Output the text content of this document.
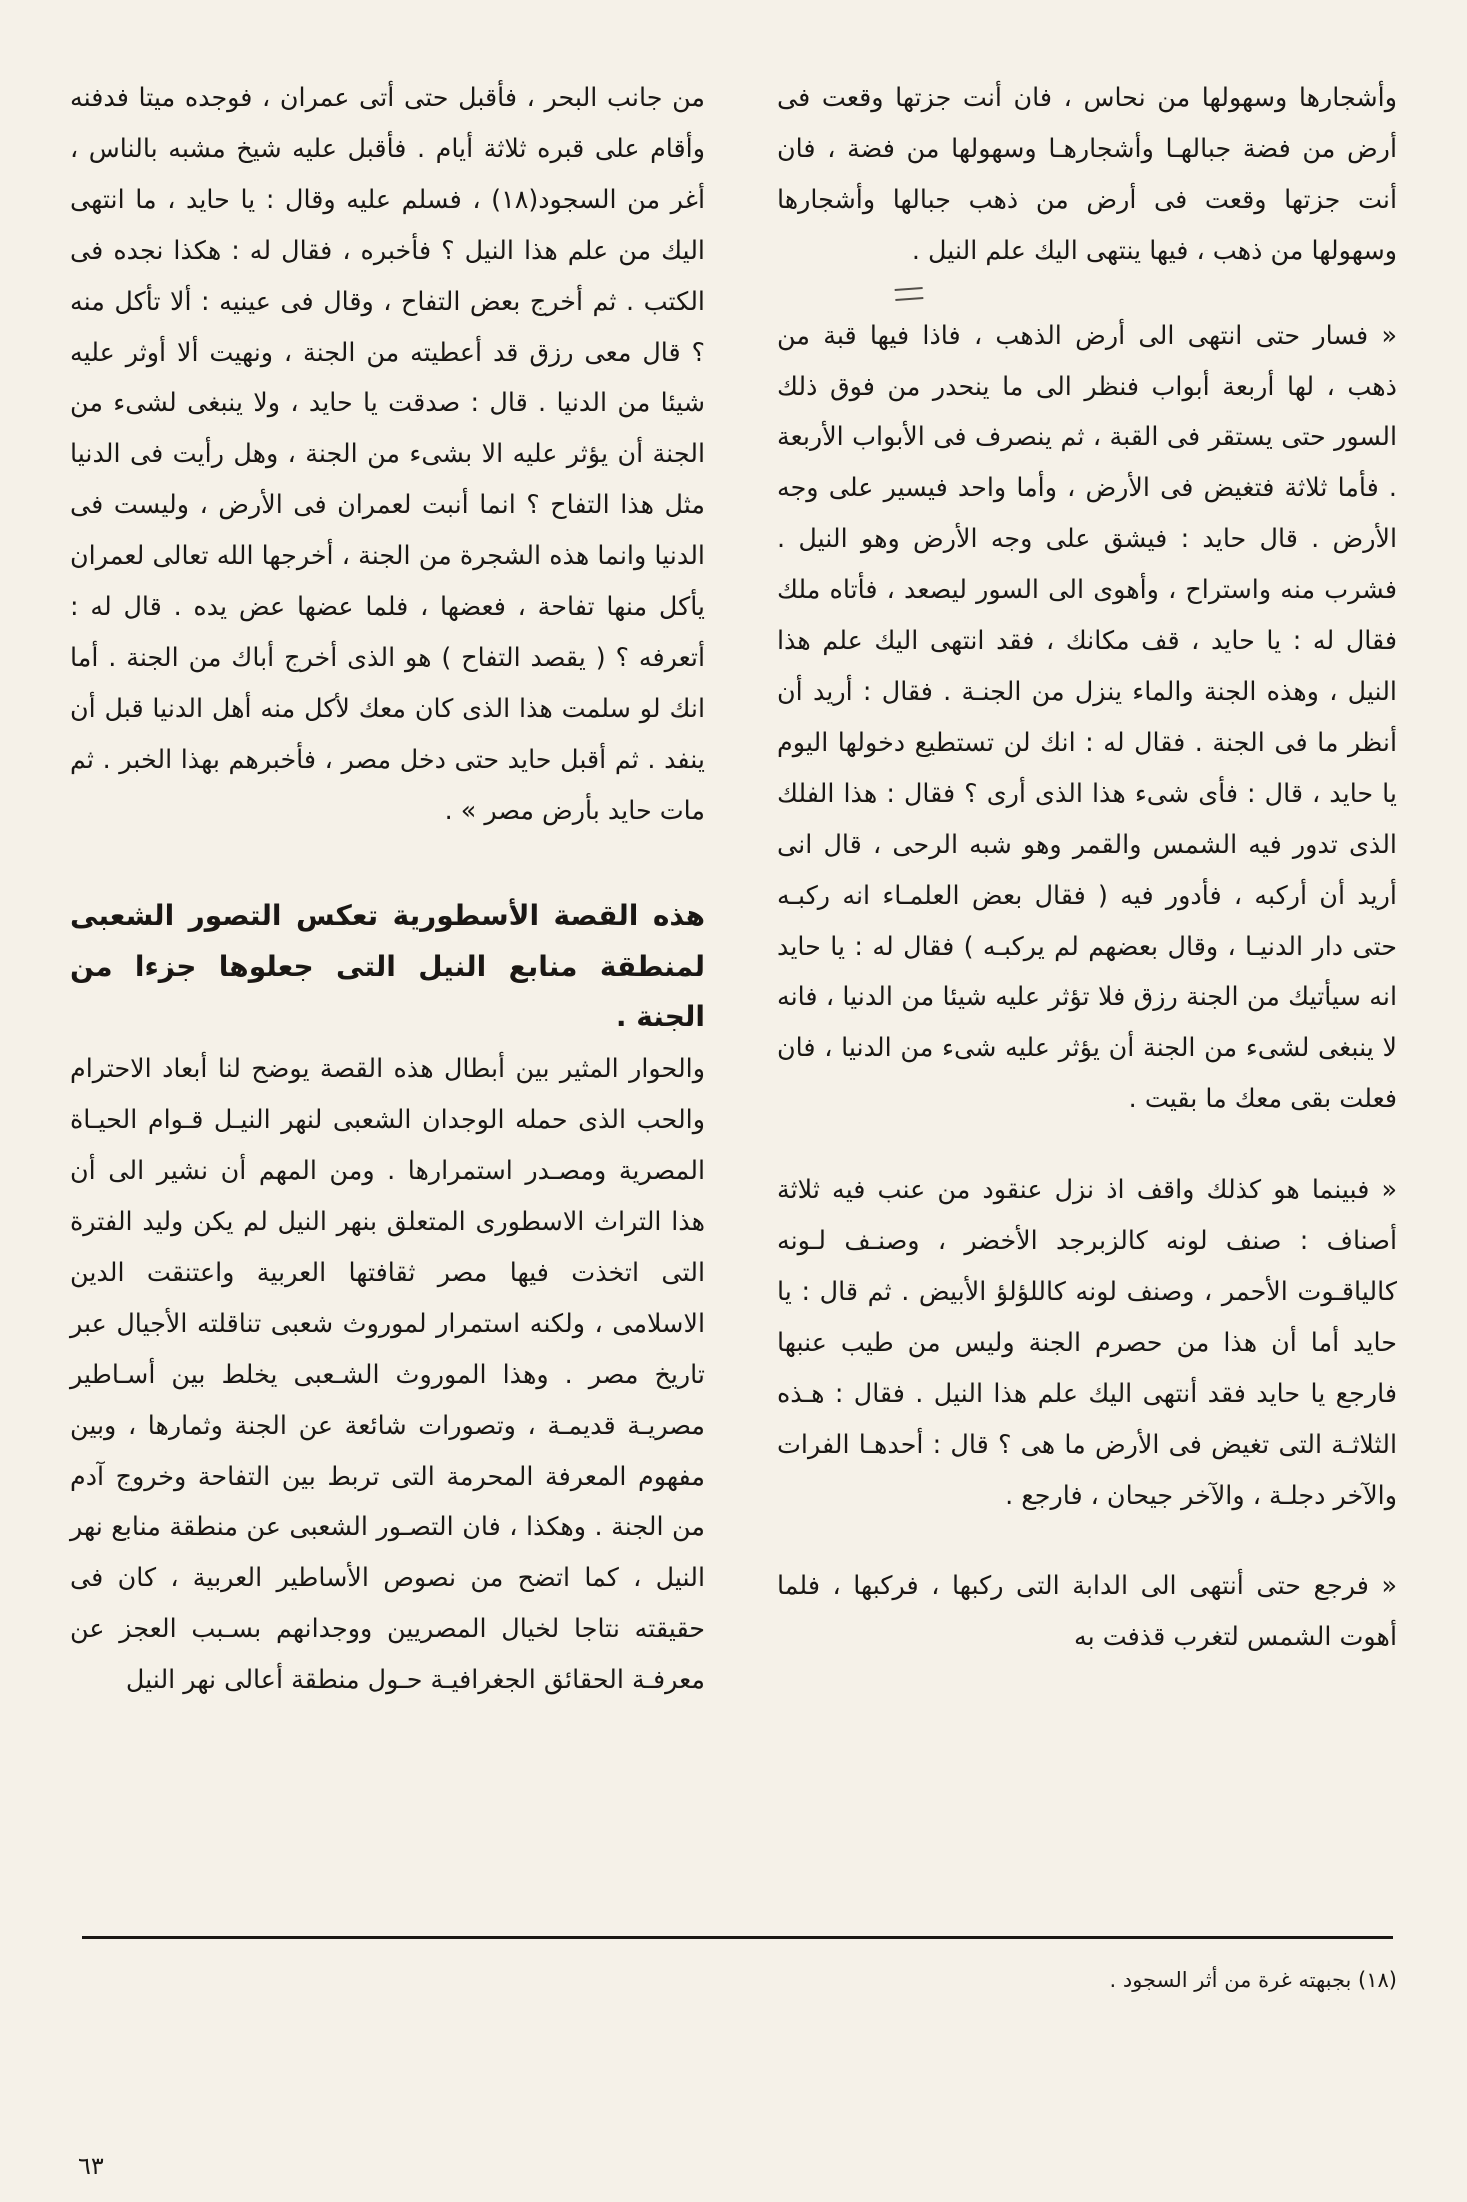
وأشجارها وسهولها من نحاس ، فان أنت جزتها وقعت فى أرض من فضة جبالهـا وأشجارهـا وسهولها من فضة ، فان أنت جزتها وقعت فى أرض من ذهب جبالها وأشجارها وسهولها من ذهب ، فيها ينتهى اليك علم النيل .

« فسار حتى انتهى الى أرض الذهب ، فاذا فيها قبة من ذهب ، لها أربعة أبواب فنظر الى ما ينحدر من فوق ذلك السور حتى يستقر فى القبة ، ثم ينصرف فى الأبواب الأربعة . فأما ثلاثة فتغيض فى الأرض ، وأما واحد فيسير على وجه الأرض . قال حايد : فيشق على وجه الأرض وهو النيل . فشرب منه واستراح ، وأهوى الى السور ليصعد ، فأتاه ملك فقال له : يا حايد ، قف مكانك ، فقد انتهى اليك علم هذا النيل ، وهذه الجنة والماء ينزل من الجنـة . فقال : أريد أن أنظر ما فى الجنة . فقال له : انك لن تستطيع دخولها اليوم يا حايد ، قال : فأى شىء هذا الذى أرى ؟ فقال : هذا الفلك الذى تدور فيه الشمس والقمر وهو شبه الرحى ، قال انى أريد أن أركبه ، فأدور فيه ( فقال بعض العلمـاء انه ركبـه حتى دار الدنيـا ، وقال بعضهم لم يركبـه ) فقال له : يا حايد انه سيأتيك من الجنة رزق فلا تؤثر عليه شيئا من الدنيا ، فانه لا ينبغى لشىء من الجنة أن يؤثر عليه شىء من الدنيا ، فان فعلت بقى معك ما بقيت .

« فبينما هو كذلك واقف اذ نزل عنقود من عنب فيه ثلاثة أصناف : صنف لونه كالزبرجد الأخضر ، وصنـف لـونه كالياقـوت الأحمر ، وصنف لونه كاللؤلؤ الأبيض . ثم قال : يا حايد أما أن هذا من حصرم الجنة وليس من طيب عنبها فارجع يا حايد فقد أنتهى اليك علم هذا النيل . فقال : هـذه الثلاثـة التى تغيض فى الأرض ما هى ؟ قال : أحدهـا الفرات والآخر دجلـة ، والآخر جيحان ، فارجع .

« فرجع حتى أنتهى الى الدابة التى ركبها ، فركبها ، فلما أهوت الشمس لتغرب قذفت به

من جانب البحر ، فأقبل حتى أتى عمران ، فوجده ميتا فدفنه وأقام على قبره ثلاثة أيام . فأقبل عليه شيخ مشبه بالناس ، أغر من السجود(١٨) ، فسلم عليه وقال : يا حايد ، ما انتهى اليك من علم هذا النيل ؟ فأخبره ، فقال له : هكذا نجده فى الكتب . ثم أخرج بعض التفاح ، وقال فى عينيه : ألا تأكل منه ؟ قال معى رزق قد أعطيته من الجنة ، ونهيت ألا أوثر عليه شيئا من الدنيا . قال : صدقت يا حايد ، ولا ينبغى لشىء من الجنة أن يؤثر عليه الا بشىء من الجنة ، وهل رأيت فى الدنيا مثل هذا التفاح ؟ انما أنبت لعمران فى الأرض ، وليست فى الدنيا وانما هذه الشجرة من الجنة ، أخرجها الله تعالى لعمران يأكل منها تفاحة ، فعضها ، فلما عضها عض يده . قال له : أتعرفه ؟ ( يقصد التفاح ) هو الذى أخرج أباك من الجنة . أما انك لو سلمت هذا الذى كان معك لأكل منه أهل الدنيا قبل أن ينفد . ثم أقبل حايد حتى دخل مصر ، فأخبرهم بهذا الخبر . ثم مات حايد بأرض مصر » .

هذه القصة الأسطورية تعكس التصور الشعبى لمنطقة منابع النيل التى جعلوها جزءا من الجنة .

والحوار المثير بين أبطال هذه القصة يوضح لنا أبعاد الاحترام والحب الذى حمله الوجدان الشعبى لنهر النيـل قـوام الحيـاة المصرية ومصـدر استمرارها . ومن المهم أن نشير الى أن هذا التراث الاسطورى المتعلق بنهر النيل لم يكن وليد الفترة التى اتخذت فيها مصر ثقافتها العربية واعتنقت الدين الاسلامى ، ولكنه استمرار لموروث شعبى تناقلته الأجيال عبر تاريخ مصر . وهذا الموروث الشـعبى يخلط بين أسـاطير مصريـة قديمـة ، وتصورات شائعة عن الجنة وثمارها ، وبين مفهوم المعرفة المحرمة التى تربط بين التفاحة وخروج آدم من الجنة . وهكذا ، فان التصـور الشعبى عن منطقة منابع نهر النيل ، كما اتضح من نصوص الأساطير العربية ، كان فى حقيقته نتاجا لخيال المصريين ووجدانهم بسـبب العجز عن معرفـة الحقائق الجغرافيـة حـول منطقة أعالى نهر النيل

(١٨) بجبهته غرة من أثر السجود .
٦٣
